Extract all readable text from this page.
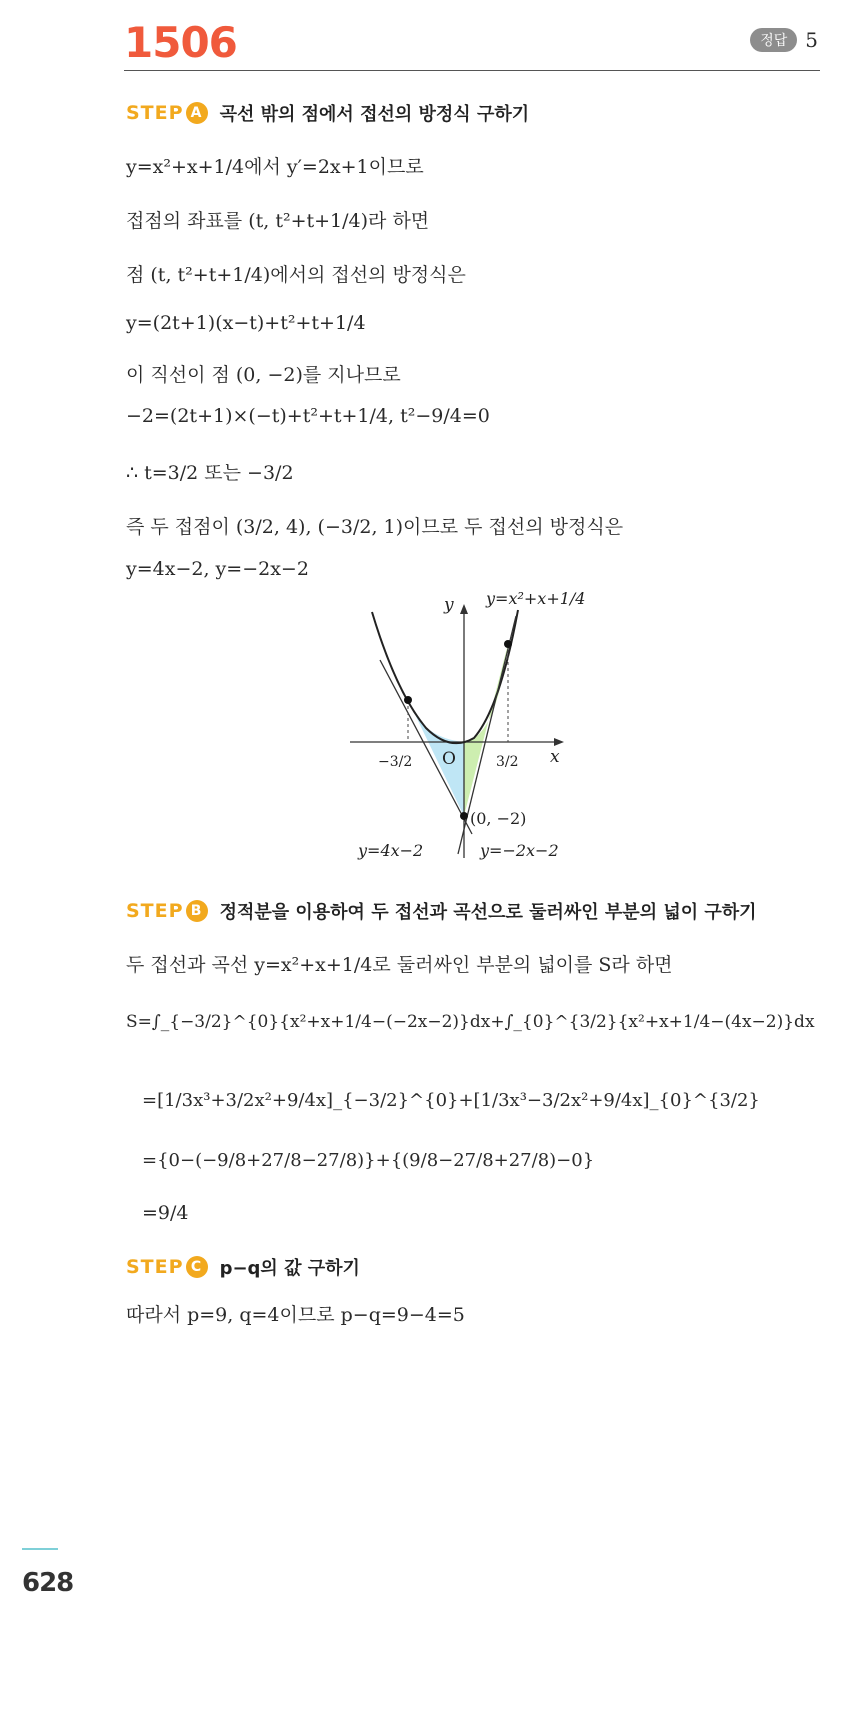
1506	정답 5
STEP A 곡선 밖의 점에서 접선의 방정식 구하기
y=x²+x+1/4에서 y′=2x+1이므로
접점의 좌표를 (t, t²+t+1/4)라 하면
점 (t, t²+t+1/4)에서의 접선의 방정식은
y=(2t+1)(x−t)+t²+t+1/4
이 직선이 점 (0, −2)를 지나므로
−2=(2t+1)×(−t)+t²+t+1/4, t²−9/4=0
∴ t=3/2 또는 −3/2
즉 두 접점이 (3/2, 4), (−3/2, 1)이므로 두 접선의 방정식은
y=4x−2, y=−2x−2
y
x
O
y=x²+x+1/4
−3/2	3/2
(0, −2)
y=4x−2	y=−2x−2
STEP B 정적분을 이용하여 두 접선과 곡선으로 둘러싸인 부분의 넓이 구하기
두 접선과 곡선 y=x²+x+1/4로 둘러싸인 부분의 넓이를 S라 하면
S=∫_{−3/2}^{0}{x²+x+1/4−(−2x−2)}dx+∫_{0}^{3/2}{x²+x+1/4−(4x−2)}dx
=[1/3x³+3/2x²+9/4x]_{−3/2}^{0}+[1/3x³−3/2x²+9/4x]_{0}^{3/2}
={0−(−9/8+27/8−27/8)}+{(9/8−27/8+27/8)−0}
=9/4
STEP C p−q의 값 구하기
따라서 p=9, q=4이므로 p−q=9−4=5
628
